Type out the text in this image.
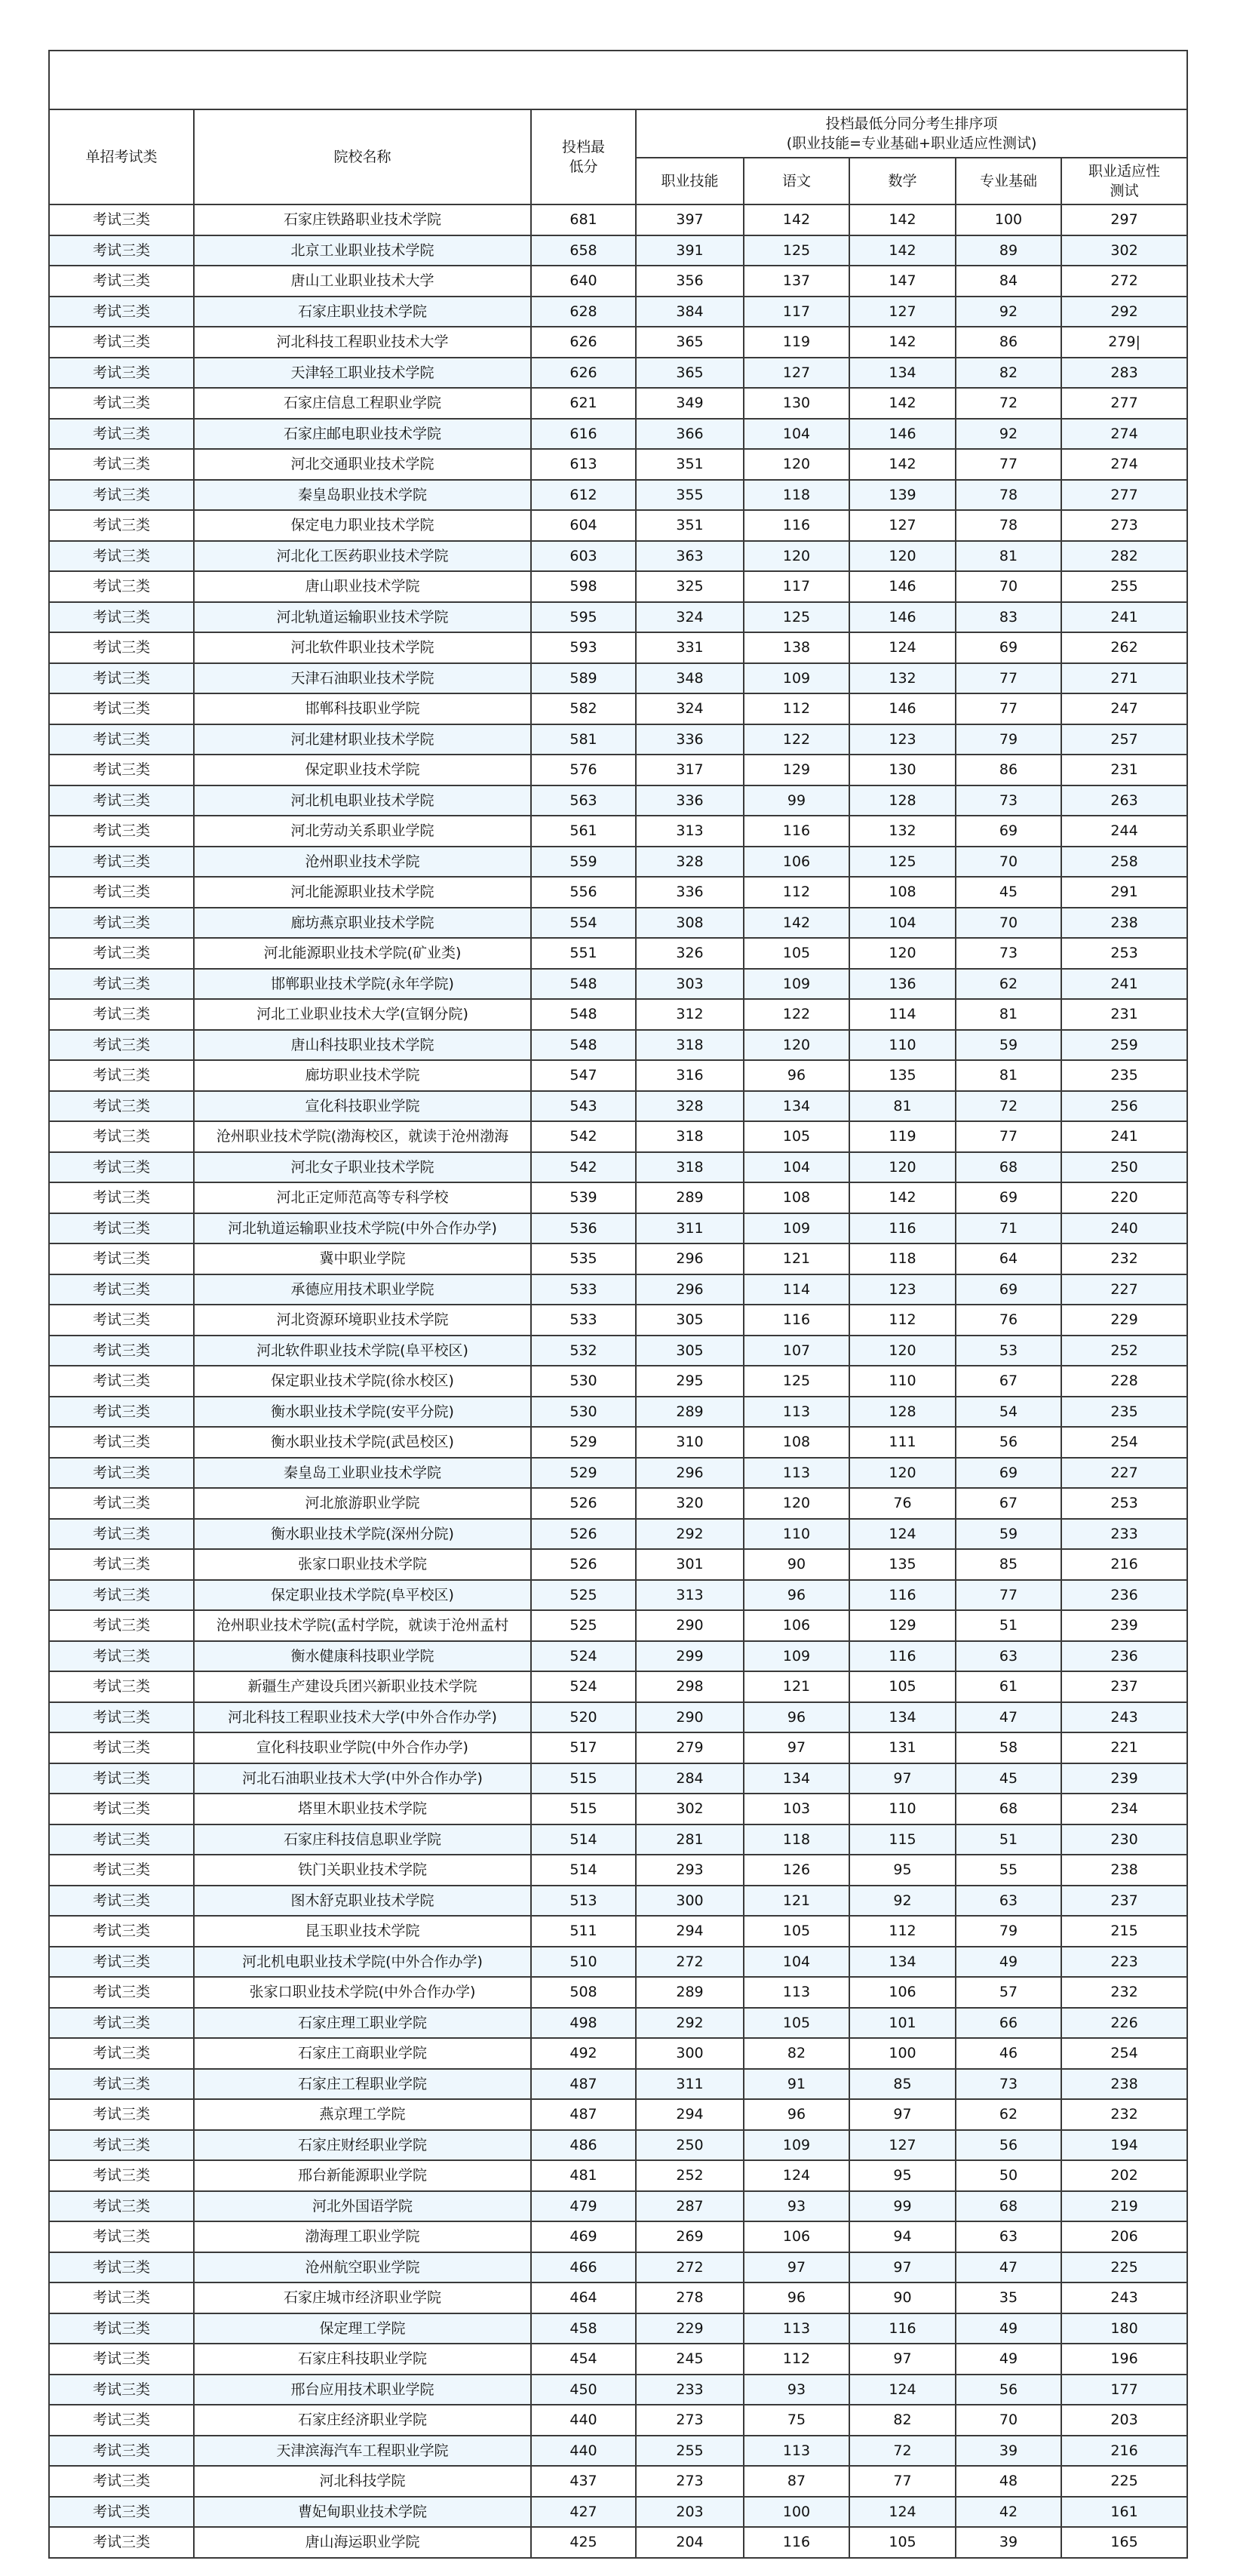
2025年河北省高职单招集中志愿平行投档情况统计(面向普通高中毕业生计划)							
单招考试类	院校名称	投档最低分	投档最低分同分考生排序项
(职业技能=专业基础+职业适应性测试)				

			职业技能	语文	数学	专业基础	职业适应性测试
考试三类	石家庄铁路职业技术学院	681	397	142	142	100	297
考试三类	北京工业职业技术学院	658	391	125	142	89	302
考试三类	唐山工业职业技术大学	640	356	137	147	84	272
考试三类	石家庄职业技术学院	628	384	117	127	92	292
考试三类	河北科技工程职业技术大学	626	365	119	142	86	279|
考试三类	天津轻工职业技术学院	626	365	127	134	82	283
考试三类	石家庄信息工程职业学院	621	349	130	142	72	277
考试三类	石家庄邮电职业技术学院	616	366	104	146	92	274
考试三类	河北交通职业技术学院	613	351	120	142	77	274
考试三类	秦皇岛职业技术学院	612	355	118	139	78	277
考试三类	保定电力职业技术学院	604	351	116	127	78	273
考试三类	河北化工医药职业技术学院	603	363	120	120	81	282
考试三类	唐山职业技术学院	598	325	117	146	70	255
考试三类	河北轨道运输职业技术学院	595	324	125	146	83	241
考试三类	河北软件职业技术学院	593	331	138	124	69	262
考试三类	天津石油职业技术学院	589	348	109	132	77	271
考试三类	邯郸科技职业学院	582	324	112	146	77	247
考试三类	河北建材职业技术学院	581	336	122	123	79	257
考试三类	保定职业技术学院	576	317	129	130	86	231
考试三类	河北机电职业技术学院	563	336	99	128	73	263
考试三类	河北劳动关系职业学院	561	313	116	132	69	244
考试三类	沧州职业技术学院	559	328	106	125	70	258
考试三类	河北能源职业技术学院	556	336	112	108	45	291
考试三类	廊坊燕京职业技术学院	554	308	142	104	70	238
考试三类	河北能源职业技术学院(矿业类)	551	326	105	120	73	253
考试三类	邯郸职业技术学院(永年学院)	548	303	109	136	62	241
考试三类	河北工业职业技术大学(宣钢分院)	548	312	122	114	81	231
考试三类	唐山科技职业技术学院	548	318	120	110	59	259
考试三类	廊坊职业技术学院	547	316	96	135	81	235
考试三类	宣化科技职业学院	543	328	134	81	72	256
考试三类	沧州职业技术学院(渤海校区，就读于沧州渤海	542	318	105	119	77	241
考试三类	河北女子职业技术学院	542	318	104	120	68	250
考试三类	河北正定师范高等专科学校	539	289	108	142	69	220
考试三类	河北轨道运输职业技术学院(中外合作办学)	536	311	109	116	71	240
考试三类	冀中职业学院	535	296	121	118	64	232
考试三类	承德应用技术职业学院	533	296	114	123	69	227
考试三类	河北资源环境职业技术学院	533	305	116	112	76	229
考试三类	河北软件职业技术学院(阜平校区)	532	305	107	120	53	252
考试三类	保定职业技术学院(徐水校区)	530	295	125	110	67	228
考试三类	衡水职业技术学院(安平分院)	530	289	113	128	54	235
考试三类	衡水职业技术学院(武邑校区)	529	310	108	111	56	254
考试三类	秦皇岛工业职业技术学院	529	296	113	120	69	227
考试三类	河北旅游职业学院	526	320	120	76	67	253
考试三类	衡水职业技术学院(深州分院)	526	292	110	124	59	233
考试三类	张家口职业技术学院	526	301	90	135	85	216
考试三类	保定职业技术学院(阜平校区)	525	313	96	116	77	236
考试三类	沧州职业技术学院(孟村学院，就读于沧州孟村	525	290	106	129	51	239
考试三类	衡水健康科技职业学院	524	299	109	116	63	236
考试三类	新疆生产建设兵团兴新职业技术学院	524	298	121	105	61	237
考试三类	河北科技工程职业技术大学(中外合作办学)	520	290	96	134	47	243
考试三类	宣化科技职业学院(中外合作办学)	517	279	97	131	58	221
考试三类	河北石油职业技术大学(中外合作办学)	515	284	134	97	45	239
考试三类	塔里木职业技术学院	515	302	103	110	68	234
考试三类	石家庄科技信息职业学院	514	281	118	115	51	230
考试三类	铁门关职业技术学院	514	293	126	95	55	238
考试三类	图木舒克职业技术学院	513	300	121	92	63	237
考试三类	昆玉职业技术学院	511	294	105	112	79	215
考试三类	河北机电职业技术学院(中外合作办学)	510	272	104	134	49	223
考试三类	张家口职业技术学院(中外合作办学)	508	289	113	106	57	232
考试三类	石家庄理工职业学院	498	292	105	101	66	226
考试三类	石家庄工商职业学院	492	300	82	100	46	254
考试三类	石家庄工程职业学院	487	311	91	85	73	238
考试三类	燕京理工学院	487	294	96	97	62	232
考试三类	石家庄财经职业学院	486	250	109	127	56	194
考试三类	邢台新能源职业学院	481	252	124	95	50	202
考试三类	河北外国语学院	479	287	93	99	68	219
考试三类	渤海理工职业学院	469	269	106	94	63	206
考试三类	沧州航空职业学院	466	272	97	97	47	225
考试三类	石家庄城市经济职业学院	464	278	96	90	35	243
考试三类	保定理工学院	458	229	113	116	49	180
考试三类	石家庄科技职业学院	454	245	112	97	49	196
考试三类	邢台应用技术职业学院	450	233	93	124	56	177
考试三类	石家庄经济职业学院	440	273	75	82	70	203
考试三类	天津滨海汽车工程职业学院	440	255	113	72	39	216
考试三类	河北科技学院	437	273	87	77	48	225
考试三类	曹妃甸职业技术学院	427	203	100	124	42	161
考试三类	唐山海运职业学院	425	204	116	105	39	165
